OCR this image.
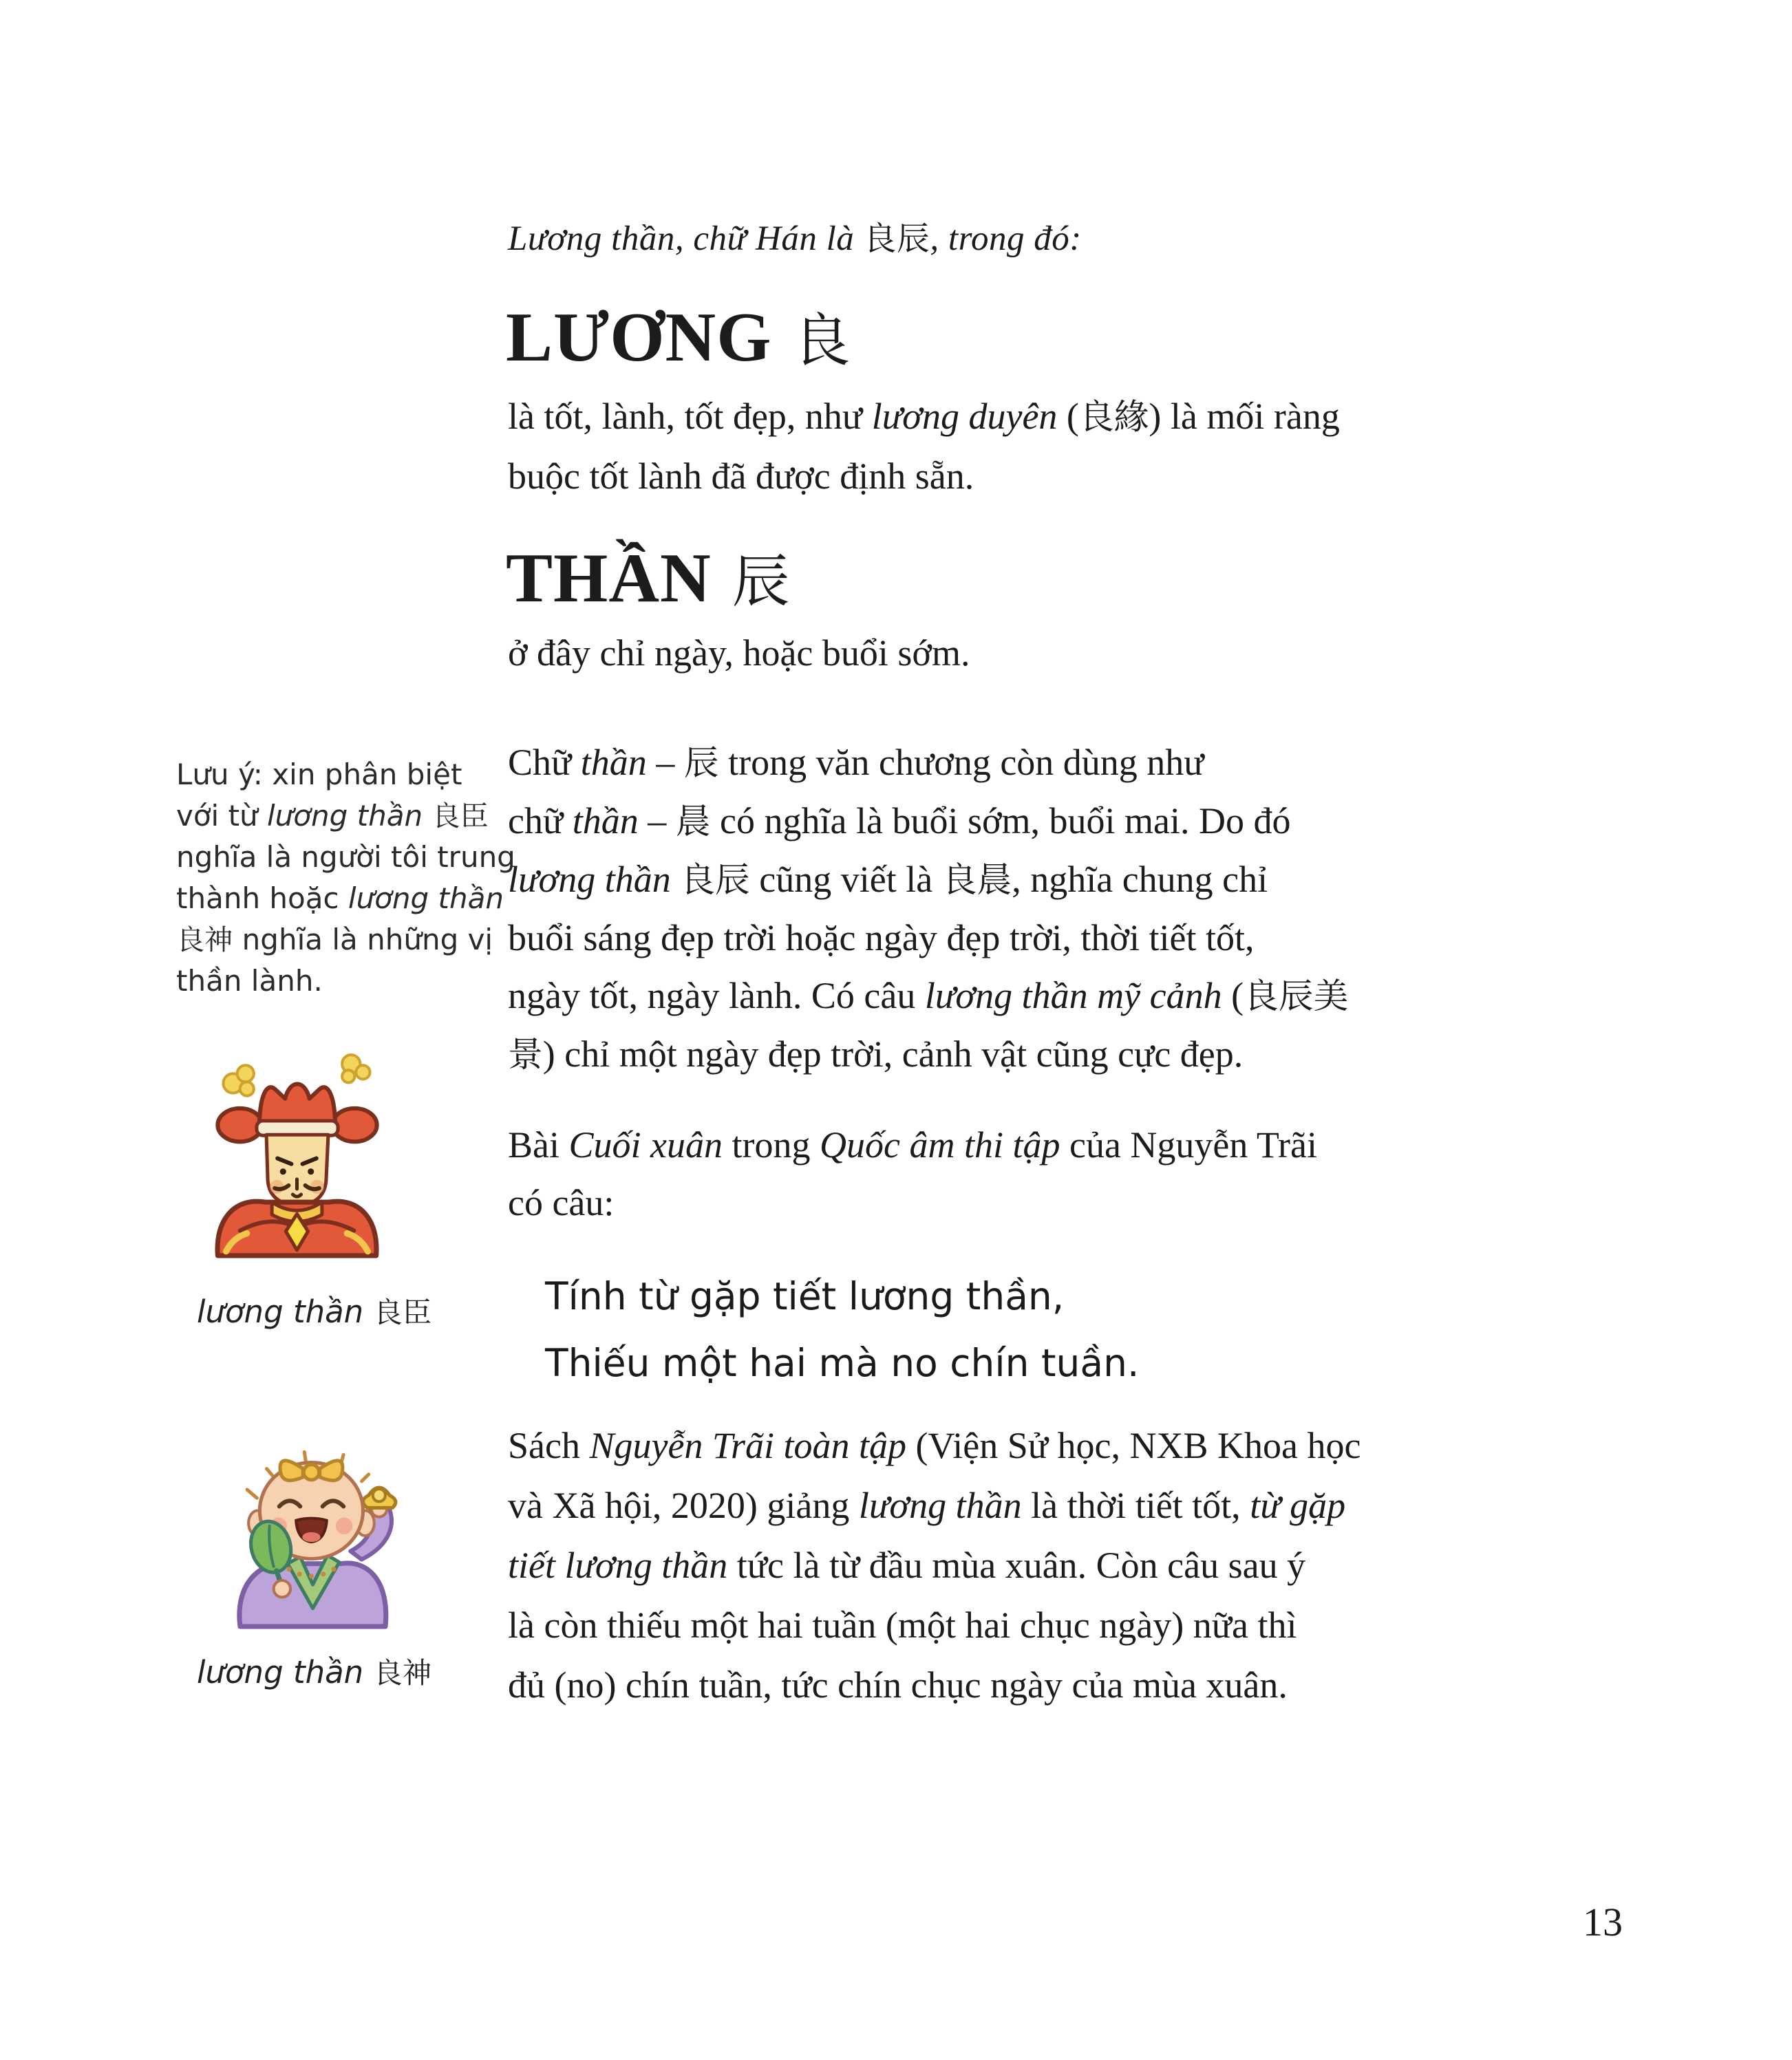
Lương thần, chữ Hán là 良辰, trong đó:
LƯƠNG 良
là tốt, lành, tốt đẹp, như lương duyên (良緣) là mối ràng
buộc tốt lành đã được định sẵn.
THẦN 辰
ở đây chỉ ngày, hoặc buổi sớm.
Lưu ý: xin phân biệt
với từ lương thần 良臣
nghĩa là người tôi trung
thành hoặc lương thần
良神 nghĩa là những vị
thần lành.
Chữ thần – 辰 trong văn chương còn dùng như
chữ thần – 晨 có nghĩa là buổi sớm, buổi mai. Do đó
lương thần 良辰 cũng viết là 良晨, nghĩa chung chỉ
buổi sáng đẹp trời hoặc ngày đẹp trời, thời tiết tốt,
ngày tốt, ngày lành. Có câu lương thần mỹ cảnh (良辰美
景) chỉ một ngày đẹp trời, cảnh vật cũng cực đẹp.
Bài Cuối xuân trong Quốc âm thi tập của Nguyễn Trãi
có câu:
Tính từ gặp tiết lương thần,
Thiếu một hai mà no chín tuần.
Sách Nguyễn Trãi toàn tập (Viện Sử học, NXB Khoa học
và Xã hội, 2020) giảng lương thần là thời tiết tốt, từ gặp
tiết lương thần tức là từ đầu mùa xuân. Còn câu sau ý
là còn thiếu một hai tuần (một hai chục ngày) nữa thì
đủ (no) chín tuần, tức chín chục ngày của mùa xuân.
lương thần 良臣
lương thần 良神
13
